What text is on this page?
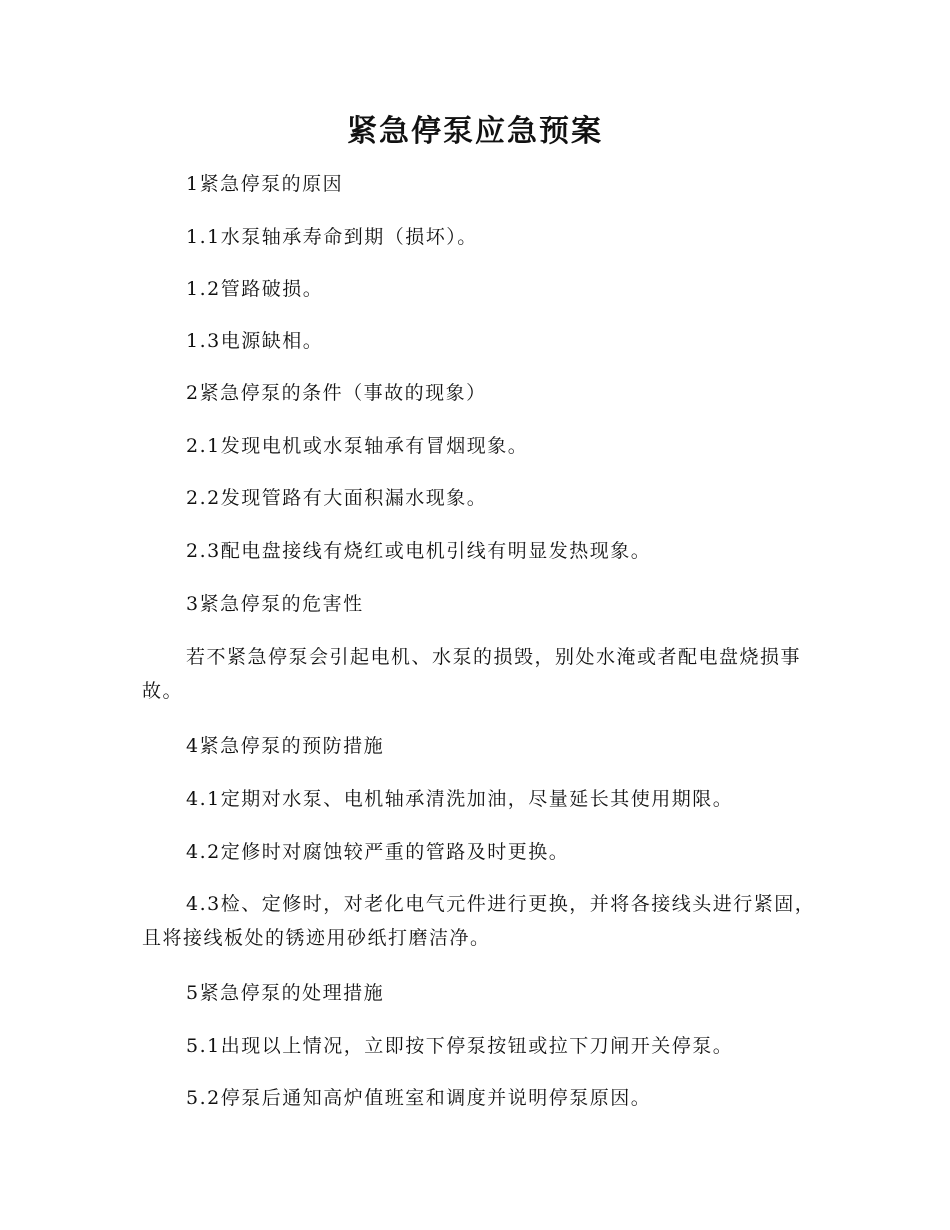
紧急停泵应急预案

1紧急停泵的原因

1.1水泵轴承寿命到期（损坏）。

1.2管路破损。

1.3电源缺相。

2紧急停泵的条件（事故的现象）

2.1发现电机或水泵轴承有冒烟现象。

2.2发现管路有大面积漏水现象。

2.3配电盘接线有烧红或电机引线有明显发热现象。

3紧急停泵的危害性

若不紧急停泵会引起电机、水泵的损毁，别处水淹或者配电盘烧损事故。

4紧急停泵的预防措施

4.1定期对水泵、电机轴承清洗加油，尽量延长其使用期限。

4.2定修时对腐蚀较严重的管路及时更换。

4.3检、定修时，对老化电气元件进行更换，并将各接线头进行紧固，且将接线板处的锈迹用砂纸打磨洁净。

5紧急停泵的处理措施

5.1出现以上情况，立即按下停泵按钮或拉下刀闸开关停泵。

5.2停泵后通知高炉值班室和调度并说明停泵原因。
